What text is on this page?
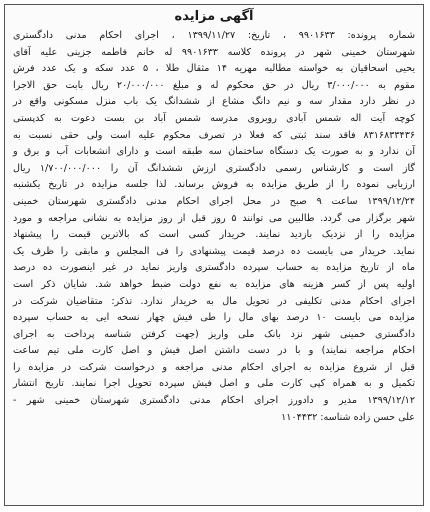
آگهی مزایده
شماره پرونده: ۹۹۰۱۶۳۳ ، تاریخ: ۱۳۹۹/۱۱/۲۷ ، اجرای احکام مدنی دادگستری
شهرستان خمینی شهر در پرونده کلاسه ۹۹۰۱۶۳۳ له خانم فاطمه جزینی علیه آقای
یحیی اسحاقیان به خواسته مطالبه مهریه ۱۴ مثقال طلا ، ۵ عدد سکه و یک عدد فرش
مقوم به ۳/۰۰۰/۰۰۰ ریال در حق محکوم له و مبلغ ۲۰/۰۰۰/۰۰۰ ریال بابت حق الاجرا
در نظر دارد مقدار سه و نیم دانگ مشاع از ششدانگ یک باب منزل مسکونی واقع در
کوچه آیت اله شمس آبادی روبروی مدرسه شمس آباد بن بست دعوت به کدپستی
۸۳۱۶۸۳۳۴۳۶ فاقد سند ثبتی که فعلا در تصرف محکوم علیه است ولی حقی نسبت به
آن ندارد و به صورت یک دستگاه ساختمان سه طبقه است و دارای انشعابات آب و برق و
گاز است و کارشناس رسمی دادگستری ارزش ششدانگ آن را ۱/۷۰۰/۰۰۰/۰۰۰ ریال
ارزیابی نموده را از طریق مزایده به فروش برساند. لذا جلسه مزایده در تاریخ یکشنبه
۱۳۹۹/۱۲/۲۴ ساعت ۹ صبح در محل اجرای احکام مدنی دادگستری شهرستان خمینی
شهر برگزار می گردد. طالبین می توانند ۵ روز قبل از روز مزایده به نشانی مراجعه و مورد
مزایده را از نزدیک بازدید نمایند. خریدار کسی است که بالاترین قیمت را پیشنهاد
نماید. خریدار می بایست ده درصد قیمت پیشنهادی را فی المجلس و مابقی را ظرف یک
ماه از تاریخ مزایده به حساب سپرده دادگستری واریز نماید در غیر اینصورت ده درصد
اولیه پس از کسر هزینه های مزایده به نفع دولت ضبط خواهد شد. شایان ذکر است
اجرای احکام مدنی تکلیفی در تحویل مال به خریدار ندارد. تذکر: متقاضیان شرکت در
مزایده می بایست ۱۰ درصد بهای مال را طی فیش چهار نسخه ایی به حساب سپرده
دادگستری خمینی شهر نزد بانک ملی واریز (جهت کرفتن شناسه پرداخت به اجرای
احکام مراجعه نمایند) و با در دست داشتن اصل فیش و اصل کارت ملی تیم ساعت
قبل از شروع مزایده به اجرای احکام مدنی مراجعه و درخواست شرکت در مزایده را
تکمیل و به همراه کپی کارت ملی و اصل فیش سپرده تحویل اجرا نمایند. تاریخ انتشار
۱۳۹۹/۱۲/۱۲ مدیر و دادورز اجرای احکام مدنی دادگستری شهرستان خمینی شهر -
علی حسن زاده شناسه: ۱۱۰۴۴۳۲
